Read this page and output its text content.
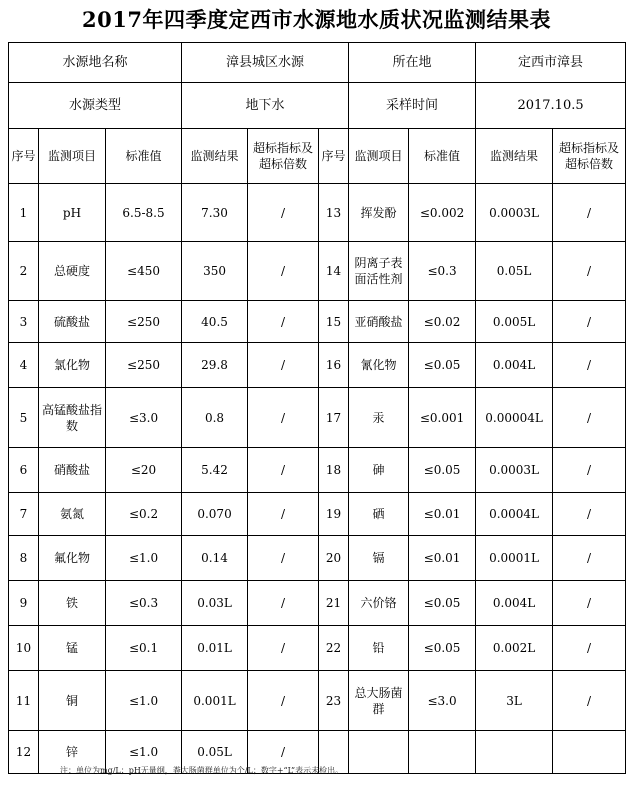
2017年四季度定西市水源地水质状况监测结果表
水源地名称			漳县城区水源			所在地		定西市漳县	
水源类型			地下水			采样时间		2017.10.5	
序号	监测项目	标准值	监测结果	超标指标及超标倍数	序号	监测项目	标准值	监测结果	超标指标及超标倍数
1	pH	6.5-8.5	7.30	/	13	挥发酚	≤0.002	0.0003L	/
2	总硬度	≤450	350	/	14	阴离子表面活性剂	≤0.3	0.05L	/
3	硫酸盐	≤250	40.5	/	15	亚硝酸盐	≤0.02	0.005L	/
4	氯化物	≤250	29.8	/	16	氰化物	≤0.05	0.004L	/
5	高锰酸盐指数	≤3.0	0.8	/	17	汞	≤0.001	0.00004L	/
6	硝酸盐	≤20	5.42	/	18	砷	≤0.05	0.0003L	/
7	氨氮	≤0.2	0.070	/	19	硒	≤0.01	0.0004L	/
8	氟化物	≤1.0	0.14	/	20	镉	≤0.01	0.0001L	/
9	铁	≤0.3	0.03L	/	21	六价铬	≤0.05	0.004L	/
10	锰	≤0.1	0.01L	/	22	铅	≤0.05	0.002L	/
11	铜	≤1.0	0.001L	/	23	总大肠菌群	≤3.0	3L	/
12	锌	≤1.0	0.05L	/					
注：单位为mg/L；pH无量纲，粪大肠菌群单位为个/L；数字+“L”表示未检出。
